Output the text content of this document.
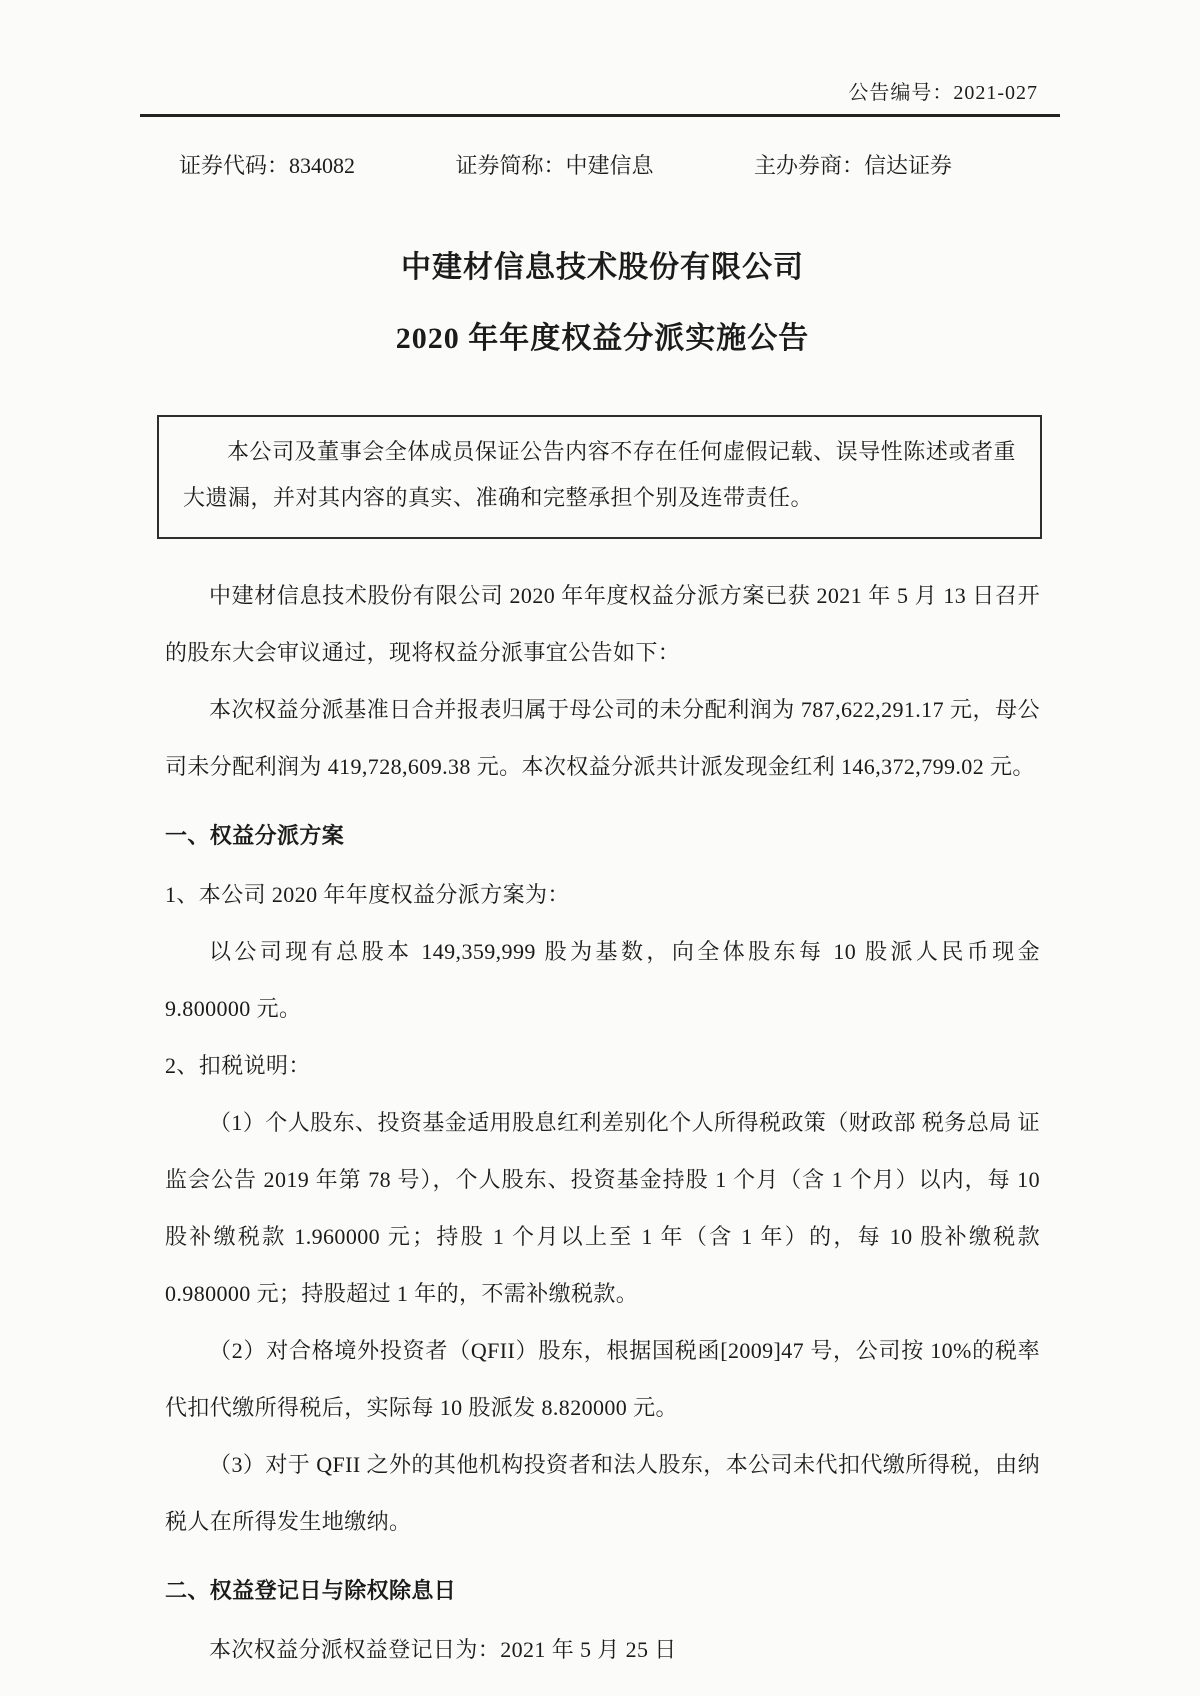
公告编号：2021-027
证券代码：834082	证券简称：中建信息	主办券商：信达证券
中建材信息技术股份有限公司
2020 年年度权益分派实施公告
本公司及董事会全体成员保证公告内容不存在任何虚假记载、误导性陈述或者重大遗漏，并对其内容的真实、准确和完整承担个别及连带责任。

中建材信息技术股份有限公司 2020 年年度权益分派方案已获 2021 年 5 月 13 日召开的股东大会审议通过，现将权益分派事宜公告如下：

本次权益分派基准日合并报表归属于母公司的未分配利润为 787,622,291.17 元，母公司未分配利润为 419,728,609.38 元。本次权益分派共计派发现金红利 146,372,799.02 元。

一、权益分派方案

1、本公司 2020 年年度权益分派方案为：

以公司现有总股本 149,359,999 股为基数，向全体股东每 10 股派人民币现金 9.800000 元。

2、扣税说明：

（1）个人股东、投资基金适用股息红利差别化个人所得税政策（财政部 税务总局 证监会公告 2019 年第 78 号），个人股东、投资基金持股 1 个月（含 1 个月）以内，每 10 股补缴税款 1.960000 元；持股 1 个月以上至 1 年（含 1 年）的，每 10 股补缴税款 0.980000 元；持股超过 1 年的，不需补缴税款。

（2）对合格境外投资者（QFII）股东，根据国税函[2009]47 号，公司按 10%的税率代扣代缴所得税后，实际每 10 股派发 8.820000 元。

（3）对于 QFII 之外的其他机构投资者和法人股东，本公司未代扣代缴所得税，由纳税人在所得发生地缴纳。

二、权益登记日与除权除息日

本次权益分派权益登记日为：2021 年 5 月 25 日
